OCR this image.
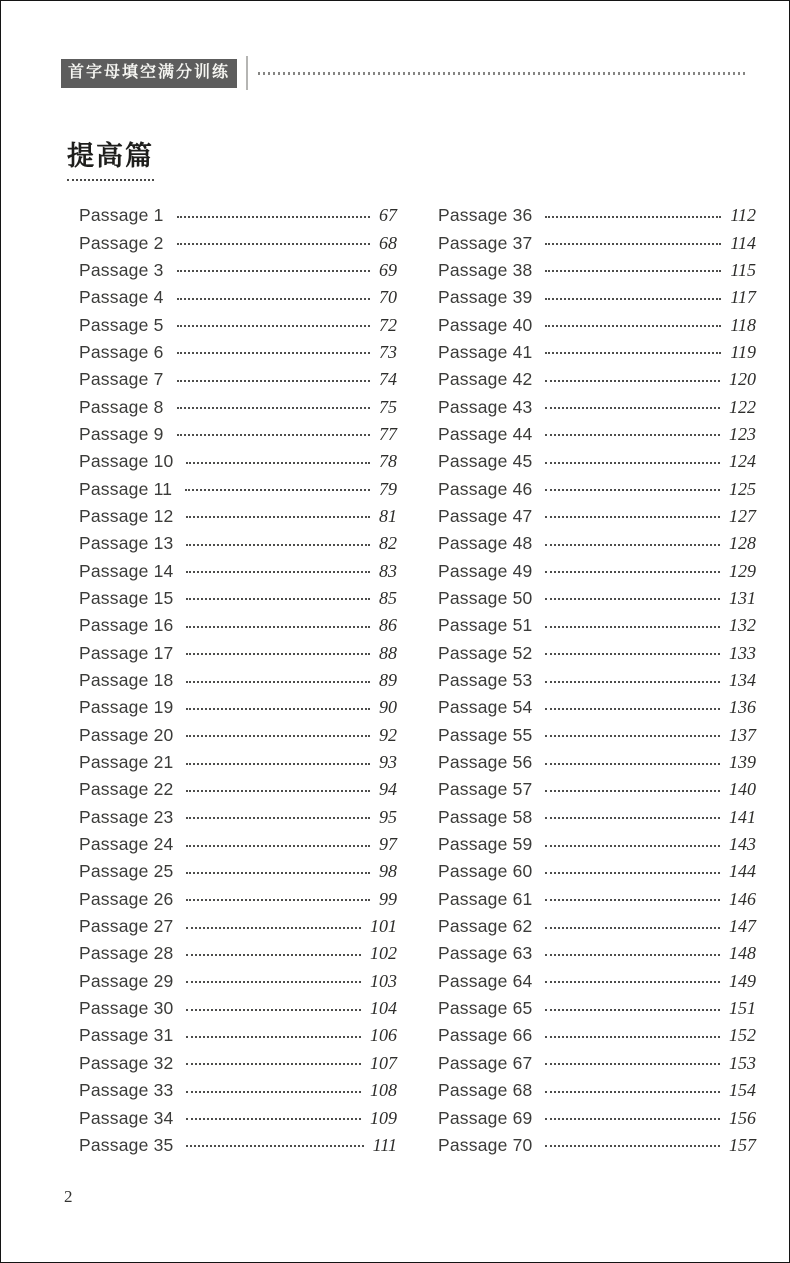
首字母填空满分训练
提高篇
Passage 1	67
Passage 2	68
Passage 3	69
Passage 4	70
Passage 5	72
Passage 6	73
Passage 7	74
Passage 8	75
Passage 9	77
Passage 10	78
Passage 11	79
Passage 12	81
Passage 13	82
Passage 14	83
Passage 15	85
Passage 16	86
Passage 17	88
Passage 18	89
Passage 19	90
Passage 20	92
Passage 21	93
Passage 22	94
Passage 23	95
Passage 24	97
Passage 25	98
Passage 26	99
Passage 27	101
Passage 28	102
Passage 29	103
Passage 30	104
Passage 31	106
Passage 32	107
Passage 33	108
Passage 34	109
Passage 35	111
Passage 36	112
Passage 37	114
Passage 38	115
Passage 39	117
Passage 40	118
Passage 41	119
Passage 42	120
Passage 43	122
Passage 44	123
Passage 45	124
Passage 46	125
Passage 47	127
Passage 48	128
Passage 49	129
Passage 50	131
Passage 51	132
Passage 52	133
Passage 53	134
Passage 54	136
Passage 55	137
Passage 56	139
Passage 57	140
Passage 58	141
Passage 59	143
Passage 60	144
Passage 61	146
Passage 62	147
Passage 63	148
Passage 64	149
Passage 65	151
Passage 66	152
Passage 67	153
Passage 68	154
Passage 69	156
Passage 70	157
2
